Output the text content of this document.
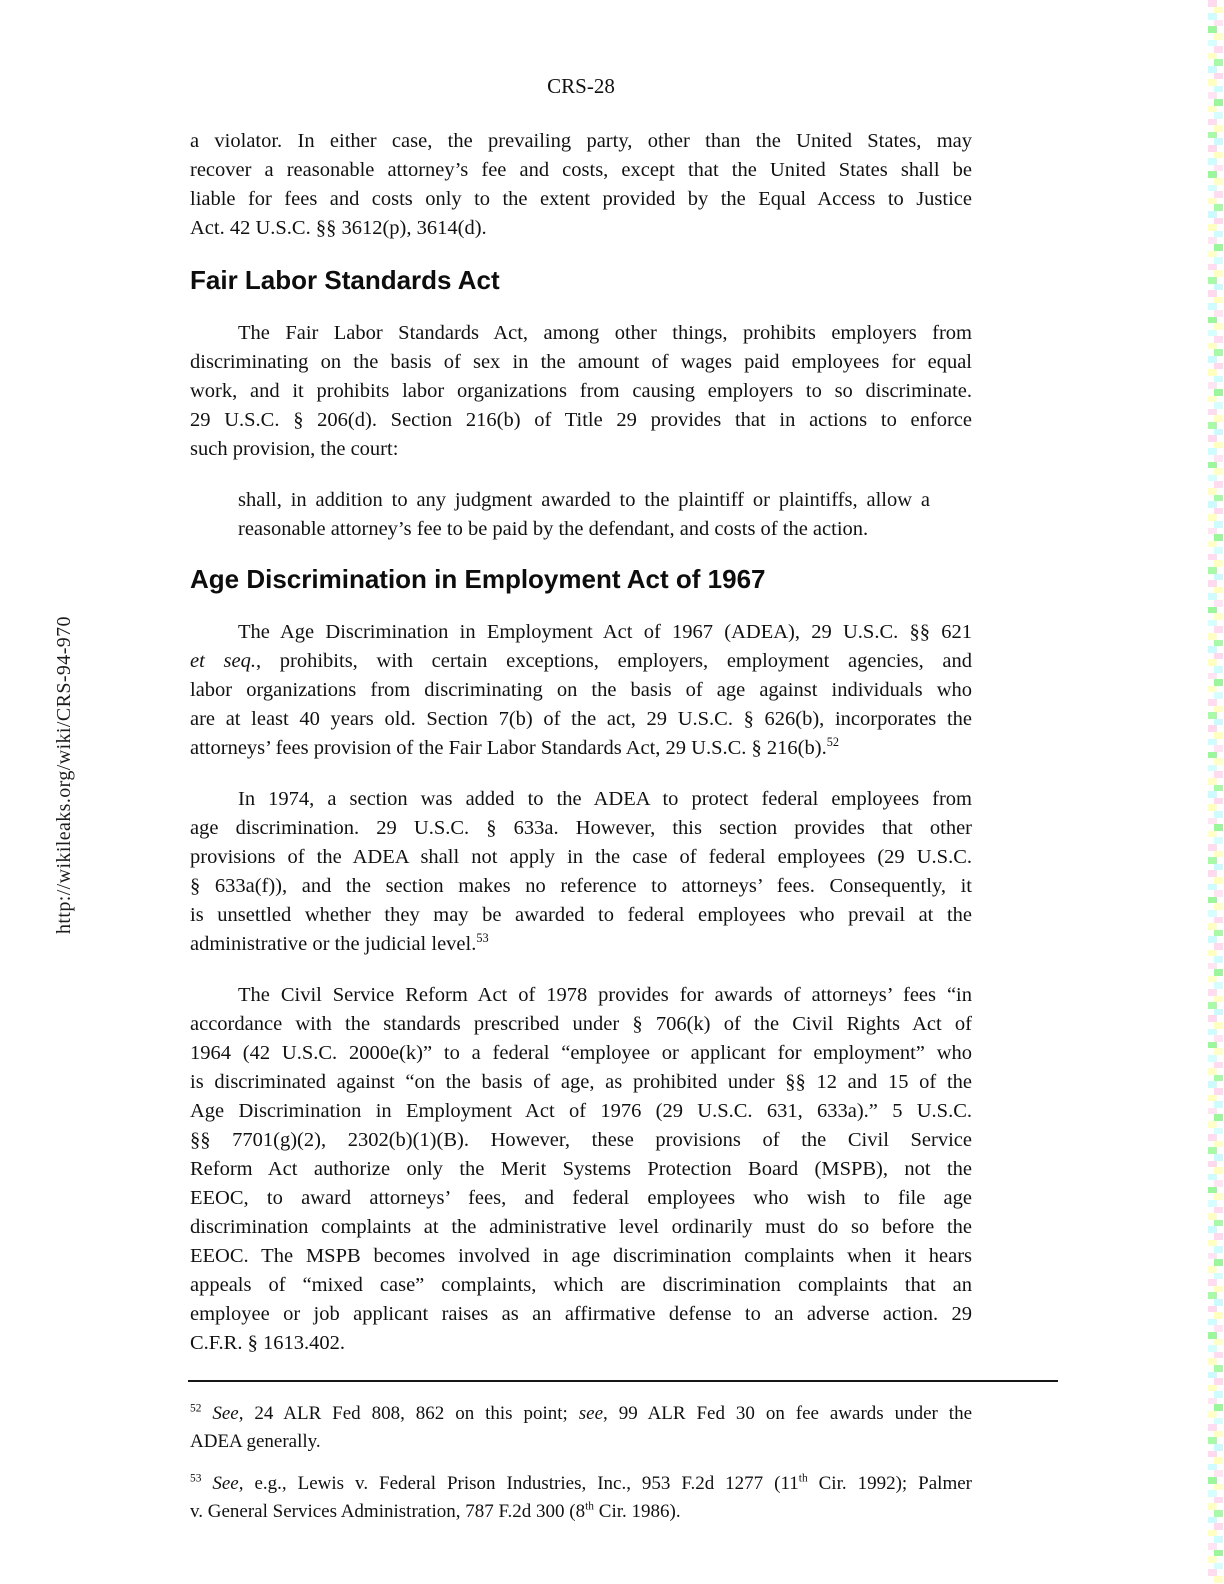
http://wikileaks.org/wiki/CRS-94-970
CRS-28
a violator. In either case, the prevailing party, other than the United States, may
recover a reasonable attorney’s fee and costs, except that the United States shall be
liable for fees and costs only to the extent provided by the Equal Access to Justice
Act. 42 U.S.C. §§ 3612(p), 3614(d).
Fair Labor Standards Act
The Fair Labor Standards Act, among other things, prohibits employers from
discriminating on the basis of sex in the amount of wages paid employees for equal
work, and it prohibits labor organizations from causing employers to so discriminate.
29 U.S.C. § 206(d). Section 216(b) of Title 29 provides that in actions to enforce
such provision, the court:
shall, in addition to any judgment awarded to the plaintiff or plaintiffs, allow a
reasonable attorney’s fee to be paid by the defendant, and costs of the action.
Age Discrimination in Employment Act of 1967
The Age Discrimination in Employment Act of 1967 (ADEA), 29 U.S.C. §§ 621
et seq., prohibits, with certain exceptions, employers, employment agencies, and
labor organizations from discriminating on the basis of age against individuals who
are at least 40 years old. Section 7(b) of the act, 29 U.S.C. § 626(b), incorporates the
attorneys’ fees provision of the Fair Labor Standards Act, 29 U.S.C. § 216(b).$^{52}$
In 1974, a section was added to the ADEA to protect federal employees from
age discrimination. 29 U.S.C. § 633a. However, this section provides that other
provisions of the ADEA shall not apply in the case of federal employees (29 U.S.C.
§ 633a(f)), and the section makes no reference to attorneys’ fees. Consequently, it
is unsettled whether they may be awarded to federal employees who prevail at the
administrative or the judicial level.$^{53}$
The Civil Service Reform Act of 1978 provides for awards of attorneys’ fees “in
accordance with the standards prescribed under § 706(k) of the Civil Rights Act of
1964 (42 U.S.C. 2000e(k)” to a federal “employee or applicant for employment” who
is discriminated against “on the basis of age, as prohibited under §§ 12 and 15 of the
Age Discrimination in Employment Act of 1976 (29 U.S.C. 631, 633a).” 5 U.S.C.
§§ 7701(g)(2), 2302(b)(1)(B). However, these provisions of the Civil Service
Reform Act authorize only the Merit Systems Protection Board (MSPB), not the
EEOC, to award attorneys’ fees, and federal employees who wish to file age
discrimination complaints at the administrative level ordinarily must do so before the
EEOC. The MSPB becomes involved in age discrimination complaints when it hears
appeals of “mixed case” complaints, which are discrimination complaints that an
employee or job applicant raises as an affirmative defense to an adverse action. 29
C.F.R. § 1613.402.
$^{52}$ See, 24 ALR Fed 808, 862 on this point; see, 99 ALR Fed 30 on fee awards under the
ADEA generally.
$^{53}$ See, e.g., Lewis v. Federal Prison Industries, Inc., 953 F.2d 1277 (11th Cir. 1992); Palmer
v. General Services Administration, 787 F.2d 300 (8th Cir. 1986).
